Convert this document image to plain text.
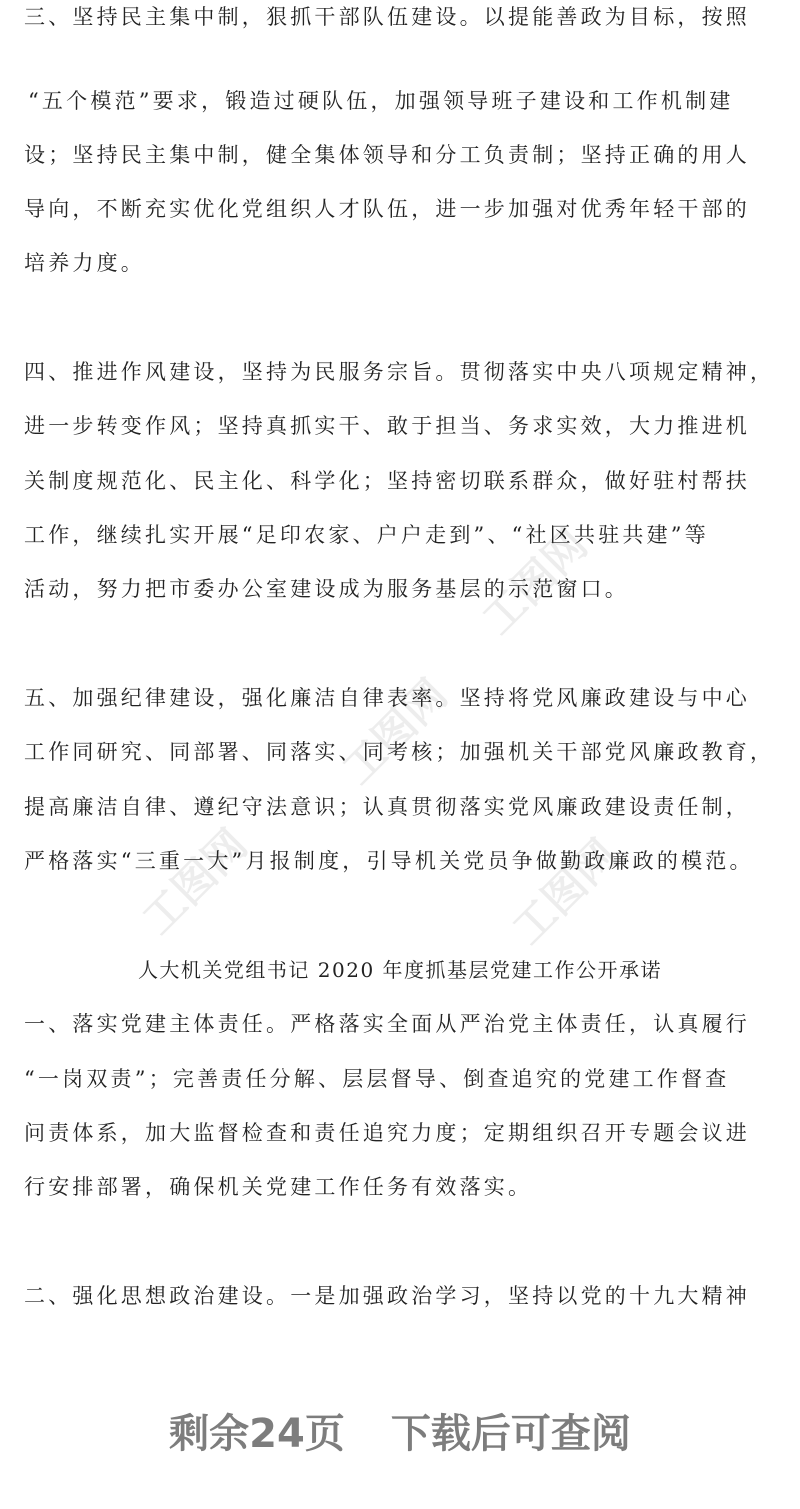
工图网
工图网
工图网	工图网
三、坚持民主集中制，狠抓干部队伍建设。以提能善政为目标，按照
“五个模范”要求，锻造过硬队伍，加强领导班子建设和工作机制建
设；坚持民主集中制，健全集体领导和分工负责制；坚持正确的用人
导向，不断充实优化党组织人才队伍，进一步加强对优秀年轻干部的
培养力度。
四、推进作风建设，坚持为民服务宗旨。贯彻落实中央八项规定精神，
进一步转变作风；坚持真抓实干、敢于担当、务求实效，大力推进机
关制度规范化、民主化、科学化；坚持密切联系群众，做好驻村帮扶
工作，继续扎实开展“足印农家、户户走到”、“社区共驻共建”等
活动，努力把市委办公室建设成为服务基层的示范窗口。
五、加强纪律建设，强化廉洁自律表率。坚持将党风廉政建设与中心
工作同研究、同部署、同落实、同考核；加强机关干部党风廉政教育，
提高廉洁自律、遵纪守法意识；认真贯彻落实党风廉政建设责任制，
严格落实“三重一大”月报制度，引导机关党员争做勤政廉政的模范。
人大机关党组书记 2020 年度抓基层党建工作公开承诺
一、落实党建主体责任。严格落实全面从严治党主体责任，认真履行
“一岗双责”；完善责任分解、层层督导、倒查追究的党建工作督查
问责体系，加大监督检查和责任追究力度；定期组织召开专题会议进
行安排部署，确保机关党建工作任务有效落实。
二、强化思想政治建设。一是加强政治学习，坚持以党的十九大精神
剩余24页 下载后可查阅
